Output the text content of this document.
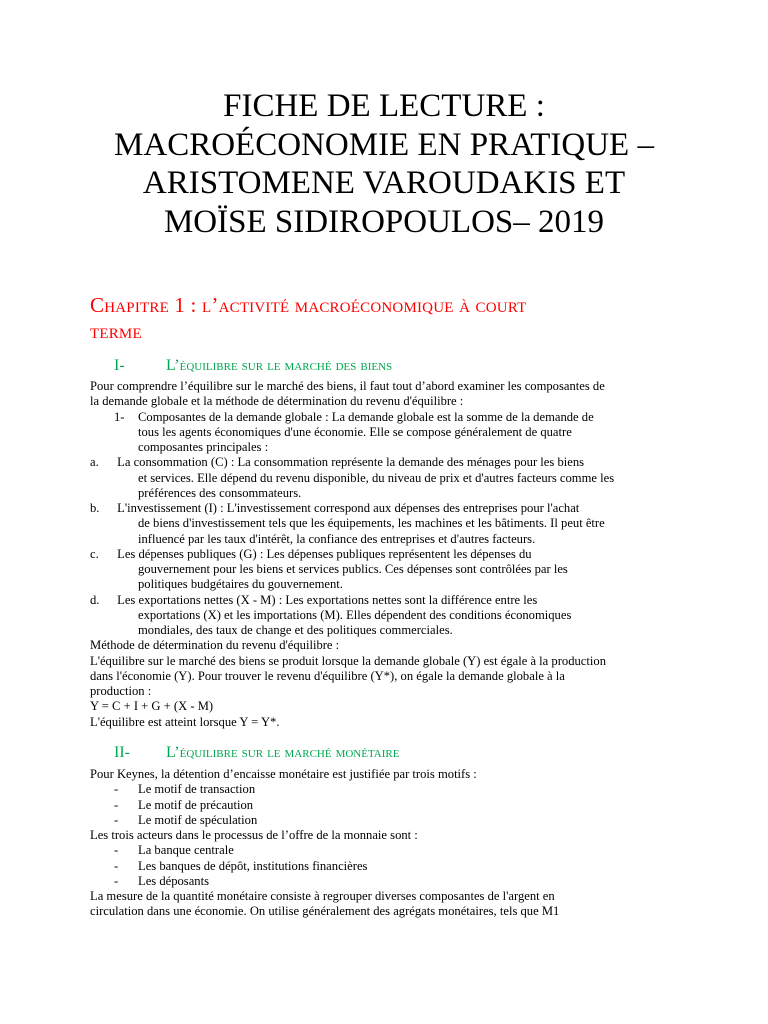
FICHE DE LECTURE :
MACROÉCONOMIE EN PRATIQUE –
ARISTOMENE VAROUDAKIS ET
MOÏSE SIDIROPOULOS– 2019
Chapitre 1 : l’activité macroéconomique à court
terme
I-	L’équilibre sur le marché des biens
Pour comprendre l’équilibre sur le marché des biens, il faut tout d’abord examiner les composantes de
la demande globale et la méthode de détermination du revenu d'équilibre :
1- Composantes de la demande globale : La demande globale est la somme de la demande de
tous les agents économiques d'une économie. Elle se compose généralement de quatre
composantes principales :
a. La consommation (C) : La consommation représente la demande des ménages pour les biens
et services. Elle dépend du revenu disponible, du niveau de prix et d'autres facteurs comme les
préférences des consommateurs.
b. L'investissement (I) : L'investissement correspond aux dépenses des entreprises pour l'achat
de biens d'investissement tels que les équipements, les machines et les bâtiments. Il peut être
influencé par les taux d'intérêt, la confiance des entreprises et d'autres facteurs.
c. Les dépenses publiques (G) : Les dépenses publiques représentent les dépenses du
gouvernement pour les biens et services publics. Ces dépenses sont contrôlées par les
politiques budgétaires du gouvernement.
d. Les exportations nettes (X - M) : Les exportations nettes sont la différence entre les
exportations (X) et les importations (M). Elles dépendent des conditions économiques
mondiales, des taux de change et des politiques commerciales.
Méthode de détermination du revenu d'équilibre :
L'équilibre sur le marché des biens se produit lorsque la demande globale (Y) est égale à la production
dans l'économie (Y). Pour trouver le revenu d'équilibre (Y*), on égale la demande globale à la
production :
Y = C + I + G + (X - M)
L'équilibre est atteint lorsque Y = Y*.
II- L’équilibre sur le marché monétaire
Pour Keynes, la détention d’encaisse monétaire est justifiée par trois motifs :
- Le motif de transaction
- Le motif de précaution
- Le motif de spéculation
Les trois acteurs dans le processus de l’offre de la monnaie sont :
- La banque centrale
- Les banques de dépôt, institutions financières
- Les déposants
La mesure de la quantité monétaire consiste à regrouper diverses composantes de l'argent en
circulation dans une économie. On utilise généralement des agrégats monétaires, tels que M1
